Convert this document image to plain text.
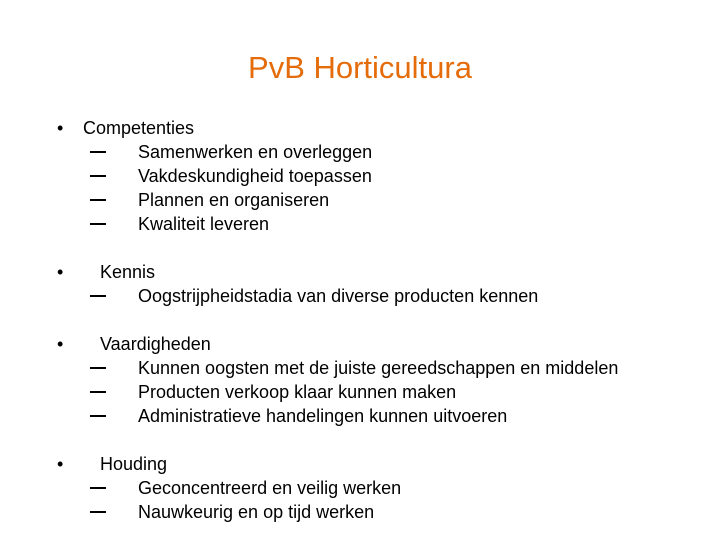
PvB Horticultura
• Competenties
Samenwerken en overleggen
Vakdeskundigheid toepassen
Plannen en organiseren
Kwaliteit leveren
• Kennis
Oogstrijpheidstadia van diverse producten kennen
• Vaardigheden
Kunnen oogsten met de juiste gereedschappen en middelen
Producten verkoop klaar kunnen maken
Administratieve handelingen kunnen uitvoeren
• Houding
Geconcentreerd en veilig werken
Nauwkeurig en op tijd werken
